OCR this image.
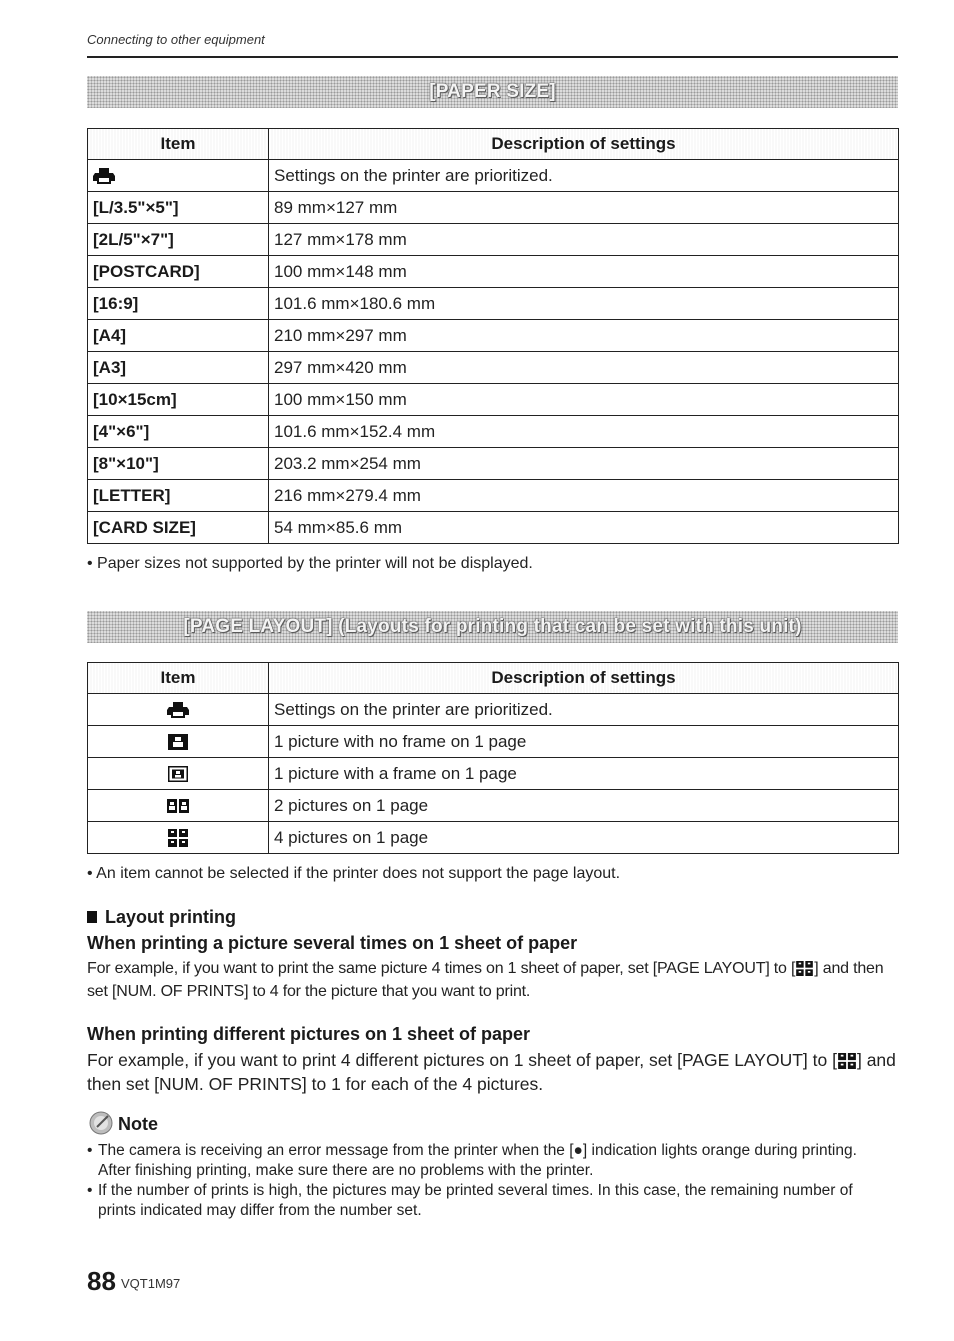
Connecting to other equipment
[PAPER SIZE]
Item	Description of settings
	Settings on the printer are prioritized.
[L/3.5"×5"]	89 mm×127 mm
[2L/5"×7"]	127 mm×178 mm
[POSTCARD]	100 mm×148 mm
[16:9]	101.6 mm×180.6 mm
[A4]	210 mm×297 mm
[A3]	297 mm×420 mm
[10×15cm]	100 mm×150 mm
[4"×6"]	101.6 mm×152.4 mm
[8"×10"]	203.2 mm×254 mm
[LETTER]	216 mm×279.4 mm
[CARD SIZE]	54 mm×85.6 mm
• Paper sizes not supported by the printer will not be displayed.
[PAGE LAYOUT] (Layouts for printing that can be set with this unit)
Item	Description of settings
	Settings on the printer are prioritized.
	1 picture with no frame on 1 page
	1 picture with a frame on 1 page
	2 pictures on 1 page
	4 pictures on 1 page
• An item cannot be selected if the printer does not support the page layout.
Layout printing
When printing a picture several times on 1 sheet of paper
For example, if you want to print the same picture 4 times on 1 sheet of paper, set [PAGE LAYOUT] to [ ] and then set [NUM. OF PRINTS] to 4 for the picture that you want to print.
When printing different pictures on 1 sheet of paper
For example, if you want to print 4 different pictures on 1 sheet of paper, set [PAGE LAYOUT] to [ ] and then set [NUM. OF PRINTS] to 1 for each of the 4 pictures.
Note
• The camera is receiving an error message from the printer when the [●] indication lights orange during printing. After finishing printing, make sure there are no problems with the printer.
• If the number of prints is high, the pictures may be printed several times. In this case, the remaining number of prints indicated may differ from the number set.
88 VQT1M97
